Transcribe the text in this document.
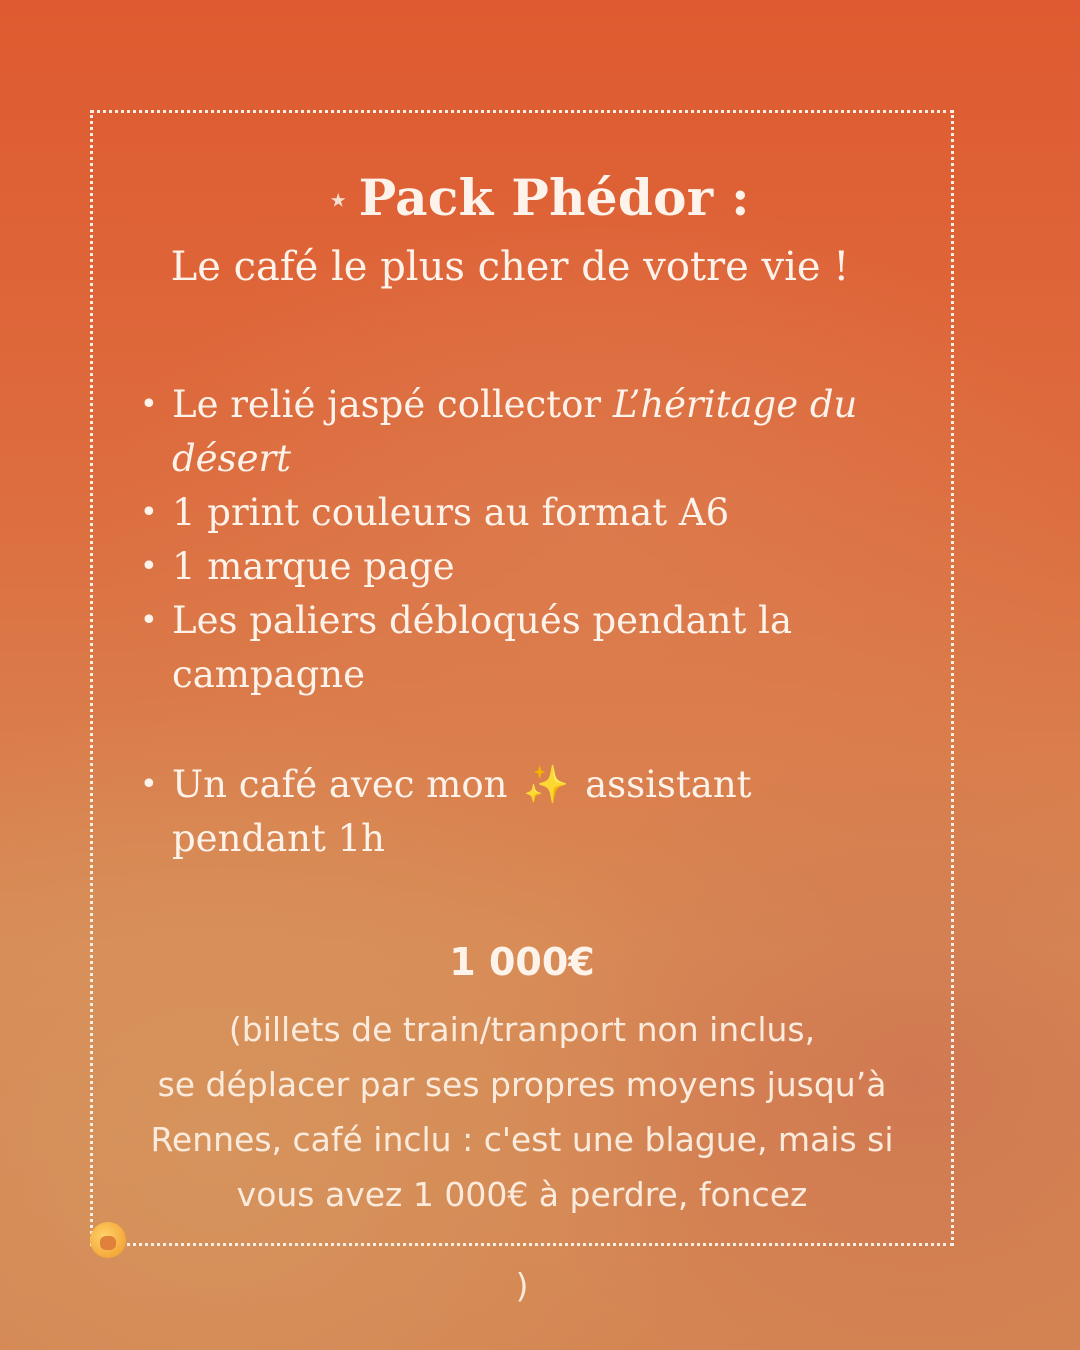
⭑ Pack Phédor :

Le café le plus cher de votre vie !

• Le relié jaspé collector L’héritage du désert
• 1 print couleurs au format A6
• 1 marque page
• Les paliers débloqués pendant la campagne
• Un café avec mon ✨ assistant pendant 1h
1 000€
(billets de train/tranport non inclus,
se déplacer par ses propres moyens jusqu’à
Rennes, café inclu : c'est une blague, mais si
vous avez 1 000€ à perdre, foncez
)
